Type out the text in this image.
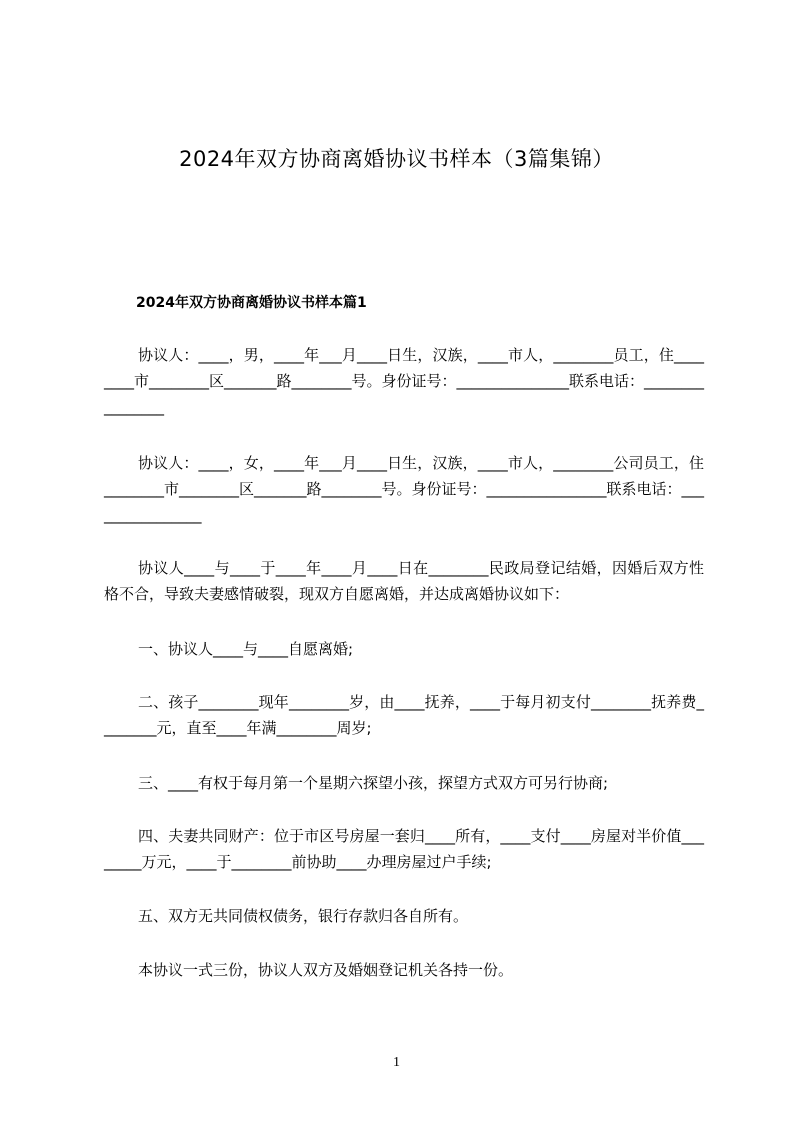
2024年双方协商离婚协议书样本（3篇集锦）
2024年双方协商离婚协议书样本篇1
协议人：____，男，____年___月____日生，汉族，____市人，________员工，住________市________区_______路________号。身份证号：_______________联系电话：________________
协议人：____，女，____年___月____日生，汉族，____市人，________公司员工，住________市________区_______路________号。身份证号：________________联系电话：________________
协议人____与____于____年____月____日在________民政局登记结婚，因婚后双方性格不合，导致夫妻感情破裂，现双方自愿离婚，并达成离婚协议如下：
一、协议人____与____自愿离婚;
二、孩子________现年________岁，由____抚养，____于每月初支付________抚养费________元，直至____年满________周岁;
三、____有权于每月第一个星期六探望小孩，探望方式双方可另行协商;
四、夫妻共同财产：位于市区号房屋一套归____所有，____支付____房屋对半价值________万元，____于________前协助____办理房屋过户手续;
五、双方无共同债权债务，银行存款归各自所有。
本协议一式三份，协议人双方及婚姻登记机关各持一份。
1
